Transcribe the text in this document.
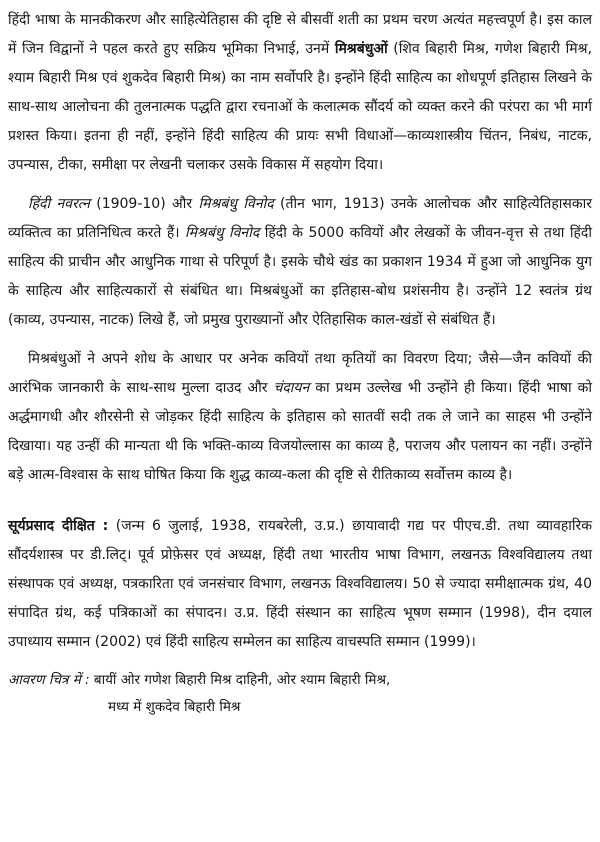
हिंदी भाषा के मानकीकरण और साहित्येतिहास की दृष्टि से बीसवीं शती का प्रथम चरण अत्यंत महत्त्वपूर्ण है। इस काल में जिन विद्वानों ने पहल करते हुए सक्रिय भूमिका निभाई, उनमें मिश्रबंधुओं (शिव बिहारी मिश्र, गणेश बिहारी मिश्र, श्याम बिहारी मिश्र एवं शुकदेव बिहारी मिश्र) का नाम सर्वोपरि है। इन्होंने हिंदी साहित्य का शोधपूर्ण इतिहास लिखने के साथ-साथ आलोचना की तुलनात्मक पद्धति द्वारा रचनाओं के कलात्मक सौंदर्य को व्यक्त करने की परंपरा का भी मार्ग प्रशस्त किया। इतना ही नहीं, इन्होंने हिंदी साहित्य की प्रायः सभी विधाओं—काव्यशास्त्रीय चिंतन, निबंध, नाटक, उपन्यास, टीका, समीक्षा पर लेखनी चलाकर उसके विकास में सहयोग दिया।

हिंदी नवरत्न (1909-10) और मिश्रबंधु विनोद (तीन भाग, 1913) उनके आलोचक और साहित्येतिहासकार व्यक्तित्व का प्रतिनिधित्व करते हैं। मिश्रबंधु विनोद हिंदी के 5000 कवियों और लेखकों के जीवन-वृत्त से तथा हिंदी साहित्य की प्राचीन और आधुनिक गाथा से परिपूर्ण है। इसके चौथे खंड का प्रकाशन 1934 में हुआ जो आधुनिक युग के साहित्य और साहित्यकारों से संबंधित था। मिश्रबंधुओं का इतिहास-बोध प्रशंसनीय है। उन्होंने 12 स्वतंत्र ग्रंथ (काव्य, उपन्यास, नाटक) लिखे हैं, जो प्रमुख पुराख्यानों और ऐतिहासिक काल-खंडों से संबंधित हैं।

मिश्रबंधुओं ने अपने शोध के आधार पर अनेक कवियों तथा कृतियों का विवरण दिया; जैसे—जैन कवियों की आरंभिक जानकारी के साथ-साथ मुल्ला दाउद और चंदायन का प्रथम उल्लेख भी उन्होंने ही किया। हिंदी भाषा को अर्द्धमागधी और शौरसेनी से जोड़कर हिंदी साहित्य के इतिहास को सातवीं सदी तक ले जाने का साहस भी उन्होंने दिखाया। यह उन्हीं की मान्यता थी कि भक्ति-काव्य विजयोल्लास का काव्य है, पराजय और पलायन का नहीं। उन्होंने बड़े आत्म-विश्वास के साथ घोषित किया कि शुद्ध काव्य-कला की दृष्टि से रीतिकाव्य सर्वोत्तम काव्य है।

सूर्यप्रसाद दीक्षित : (जन्म 6 जुलाई, 1938, रायबरेली, उ.प्र.) छायावादी गद्य पर पीएच.डी. तथा व्यावहारिक सौंदर्यशास्त्र पर डी.लिट्। पूर्व प्रोफ़ेसर एवं अध्यक्ष, हिंदी तथा भारतीय भाषा विभाग, लखनऊ विश्वविद्यालय तथा संस्थापक एवं अध्यक्ष, पत्रकारिता एवं जनसंचार विभाग, लखनऊ विश्वविद्यालय। 50 से ज्यादा समीक्षात्मक ग्रंथ, 40 संपादित ग्रंथ, कई पत्रिकाओं का संपादन। उ.प्र. हिंदी संस्थान का साहित्य भूषण सम्मान (1998), दीन दयाल उपाध्याय सम्मान (2002) एवं हिंदी साहित्य सम्मेलन का साहित्य वाचस्पति सम्मान (1999)।

आवरण चित्र में : बायीं ओर गणेश बिहारी मिश्र दाहिनी, ओर श्याम बिहारी मिश्र,
मध्य में शुकदेव बिहारी मिश्र
